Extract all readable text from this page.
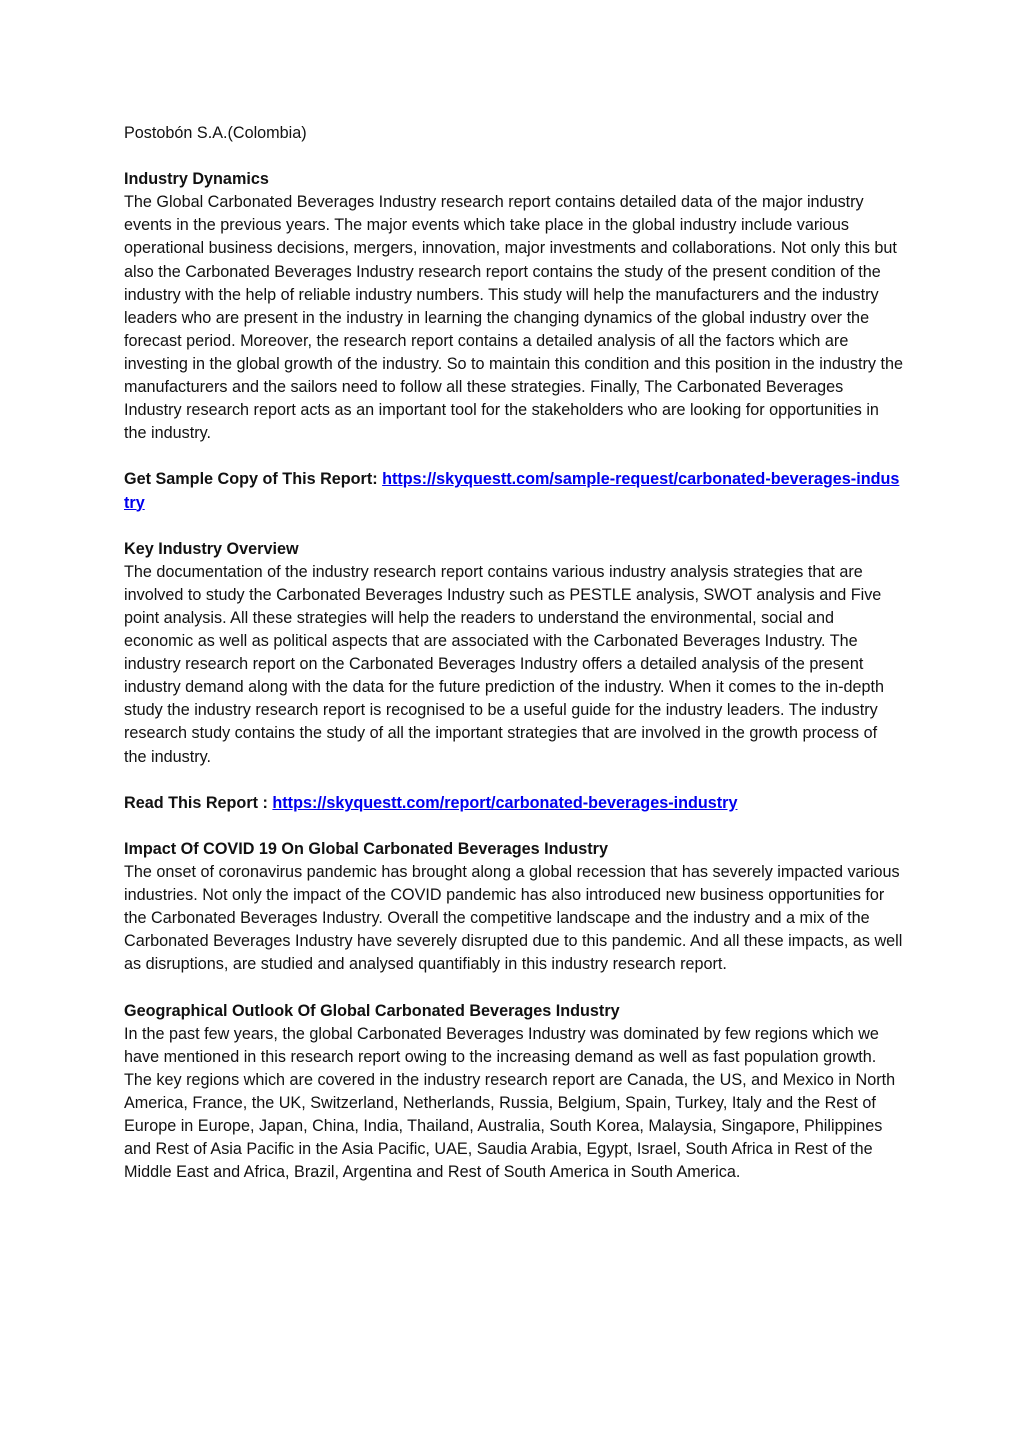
Postobón S.A.(Colombia)

Industry Dynamics

The Global Carbonated Beverages Industry research report contains detailed data of the major industry events in the previous years. The major events which take place in the global industry include various operational business decisions, mergers, innovation, major investments and collaborations. Not only this but also the Carbonated Beverages Industry research report contains the study of the present condition of the industry with the help of reliable industry numbers. This study will help the manufacturers and the industry leaders who are present in the industry in learning the changing dynamics of the global industry over the forecast period. Moreover, the research report contains a detailed analysis of all the factors which are investing in the global growth of the industry. So to maintain this condition and this position in the industry the manufacturers and the sailors need to follow all these strategies. Finally, The Carbonated Beverages Industry research report acts as an important tool for the stakeholders who are looking for opportunities in the industry.

Get Sample Copy of This Report: https://skyquestt.com/sample-request/carbonated-beverages-industry

Key Industry Overview

The documentation of the industry research report contains various industry analysis strategies that are involved to study the Carbonated Beverages Industry such as PESTLE analysis, SWOT analysis and Five point analysis. All these strategies will help the readers to understand the environmental, social and economic as well as political aspects that are associated with the Carbonated Beverages Industry. The industry research report on the Carbonated Beverages Industry offers a detailed analysis of the present industry demand along with the data for the future prediction of the industry. When it comes to the in-depth study the industry research report is recognised to be a useful guide for the industry leaders. The industry research study contains the study of all the important strategies that are involved in the growth process of the industry.

Read This Report : https://skyquestt.com/report/carbonated-beverages-industry

Impact Of COVID 19 On Global Carbonated Beverages Industry

The onset of coronavirus pandemic has brought along a global recession that has severely impacted various industries. Not only the impact of the COVID pandemic has also introduced new business opportunities for the Carbonated Beverages Industry. Overall the competitive landscape and the industry and a mix of the Carbonated Beverages Industry have severely disrupted due to this pandemic. And all these impacts, as well as disruptions, are studied and analysed quantifiably in this industry research report.

Geographical Outlook Of Global Carbonated Beverages Industry

In the past few years, the global Carbonated Beverages Industry was dominated by few regions which we have mentioned in this research report owing to the increasing demand as well as fast population growth. The key regions which are covered in the industry research report are Canada, the US, and Mexico in North America, France, the UK, Switzerland, Netherlands, Russia, Belgium, Spain, Turkey, Italy and the Rest of Europe in Europe, Japan, China, India, Thailand, Australia, South Korea, Malaysia, Singapore, Philippines and Rest of Asia Pacific in the Asia Pacific, UAE, Saudia Arabia, Egypt, Israel, South Africa in Rest of the Middle East and Africa, Brazil, Argentina and Rest of South America in South America.
